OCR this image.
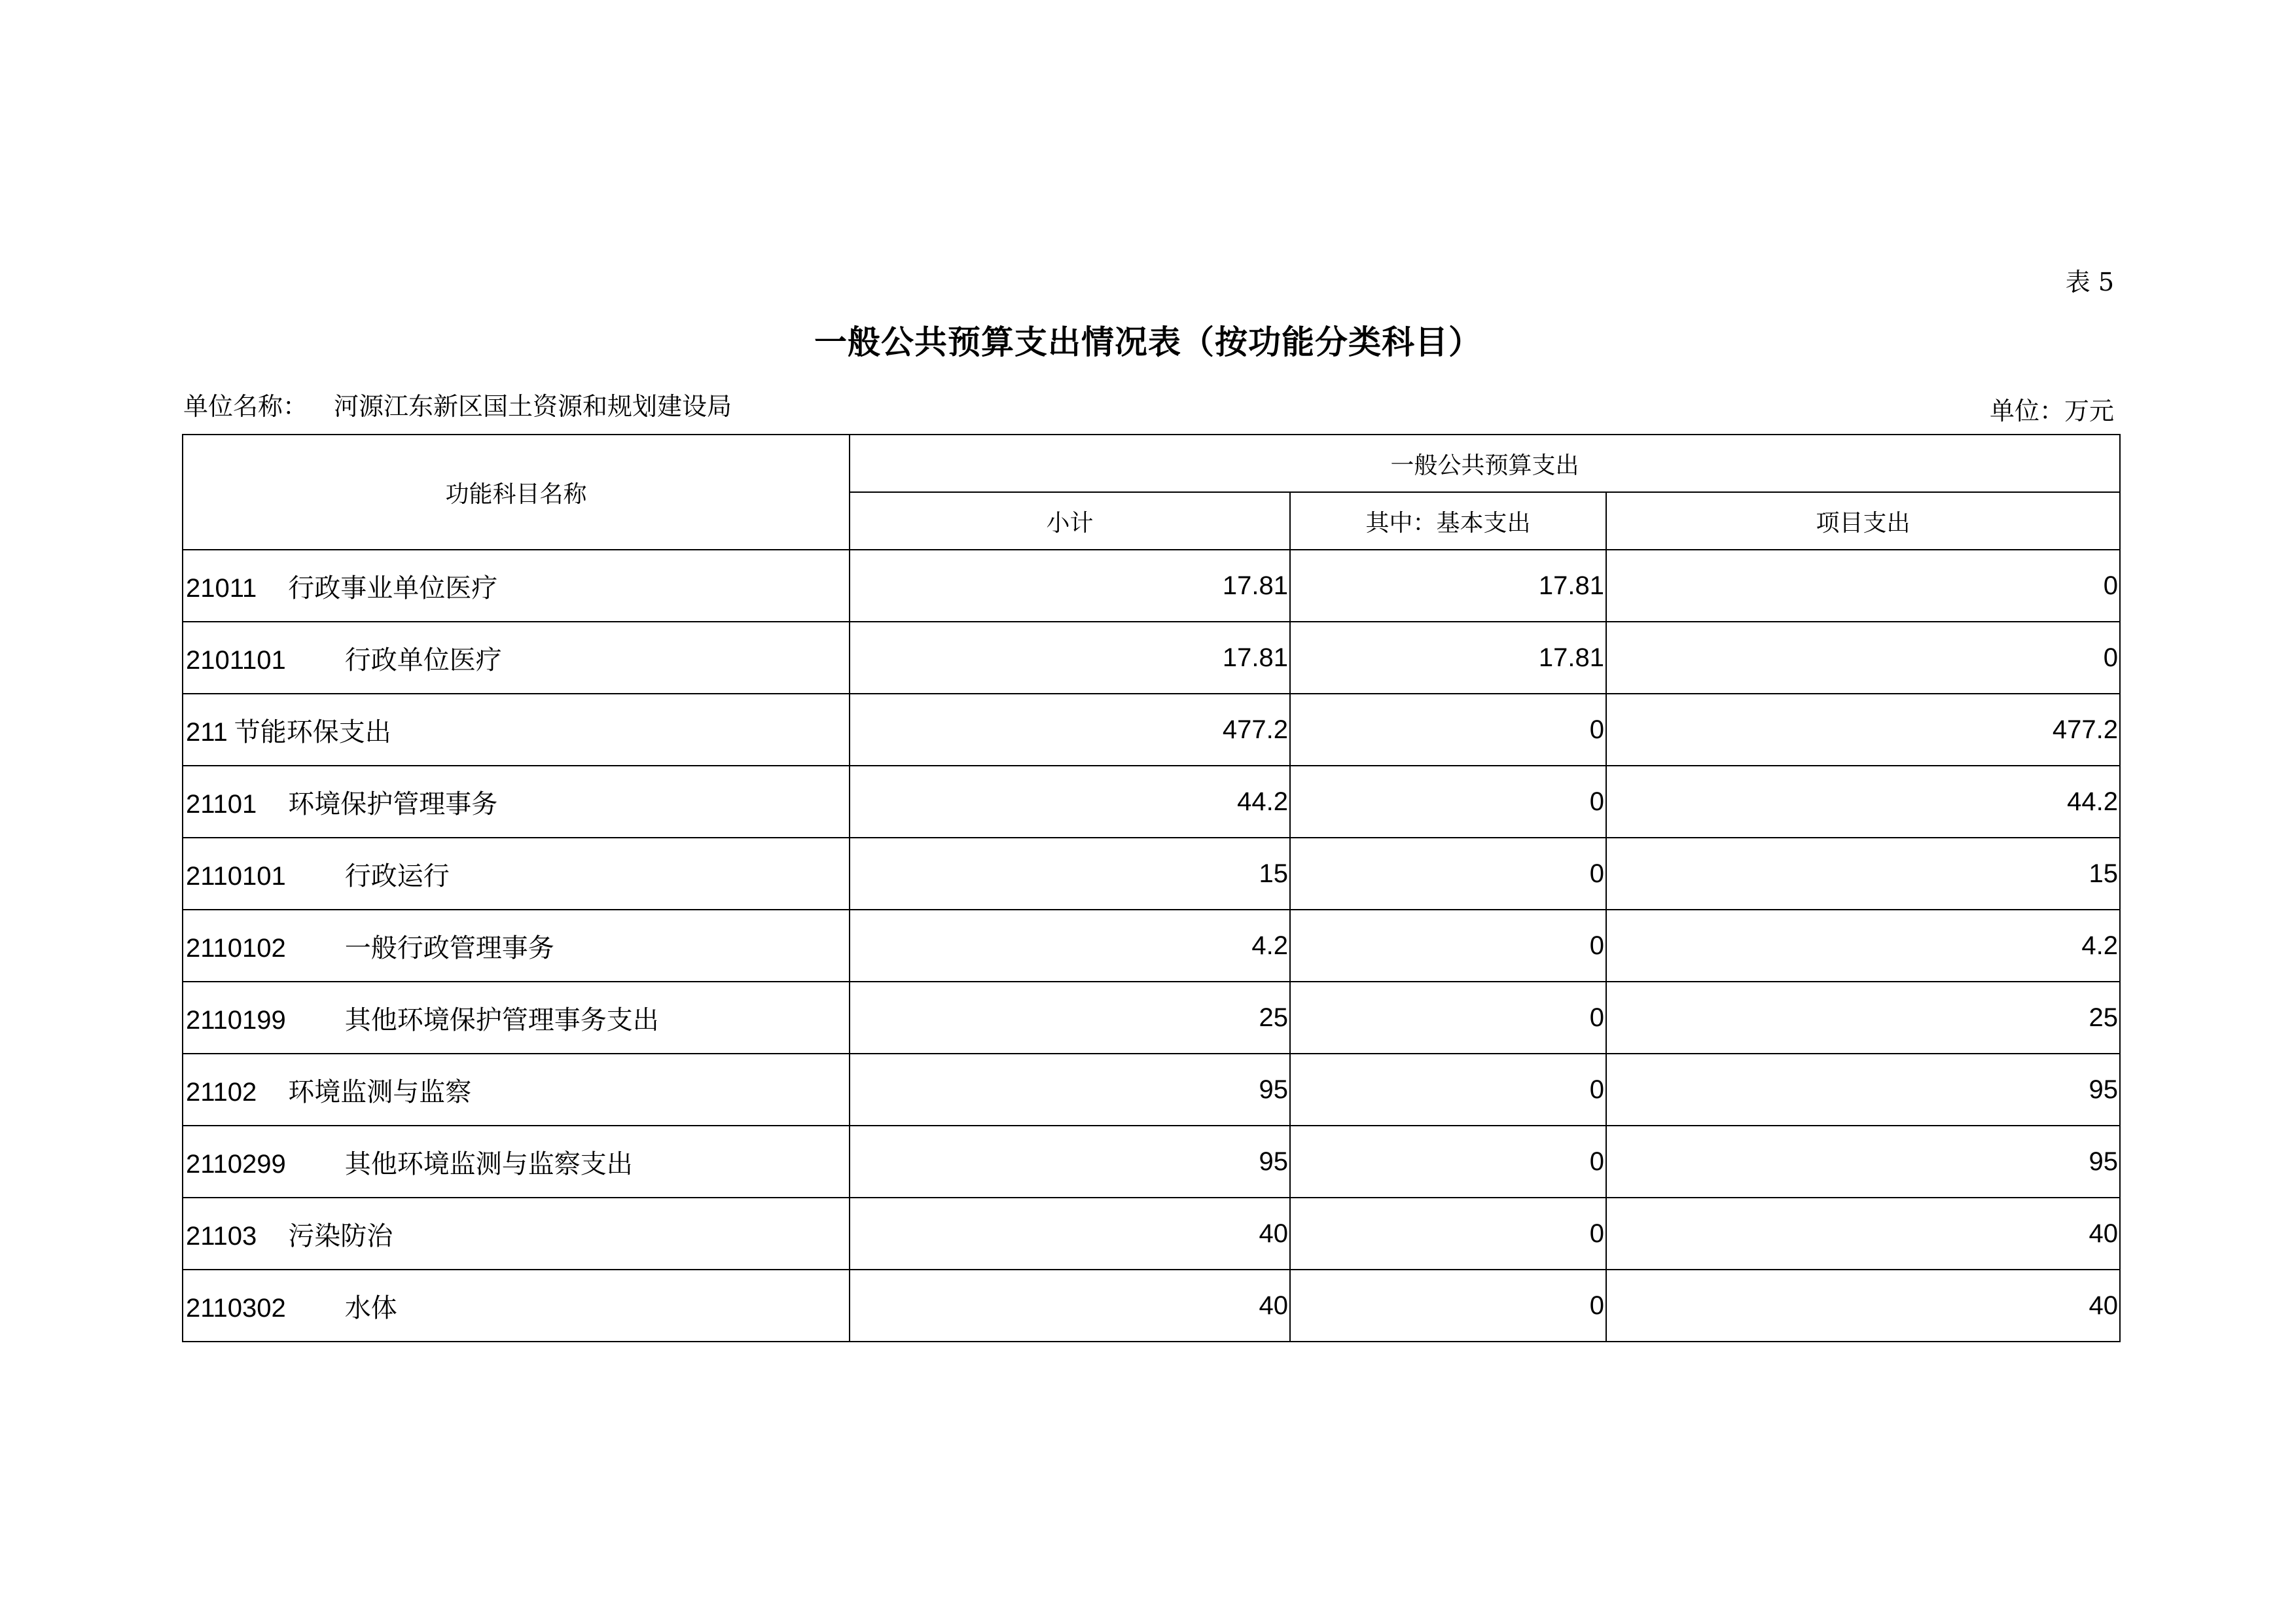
表 5
一般公共预算支出情况表（按功能分类科目）
单位名称： 河源江东新区国土资源和规划建设局	单位：万元
功能科目名称	一般公共预算支出		
	小计	其中：基本支出	项目支出
21011 行政事业单位医疗	17.81	17.81	0
2101101 行政单位医疗	17.81	17.81	0
211 节能环保支出	477.2	0	477.2
21101 环境保护管理事务	44.2	0	44.2
2110101 行政运行	15	0	15
2110102 一般行政管理事务	4.2	0	4.2
2110199 其他环境保护管理事务支出	25	0	25
21102 环境监测与监察	95	0	95
2110299 其他环境监测与监察支出	95	0	95
21103 污染防治	40	0	40
2110302 水体	40	0	40
